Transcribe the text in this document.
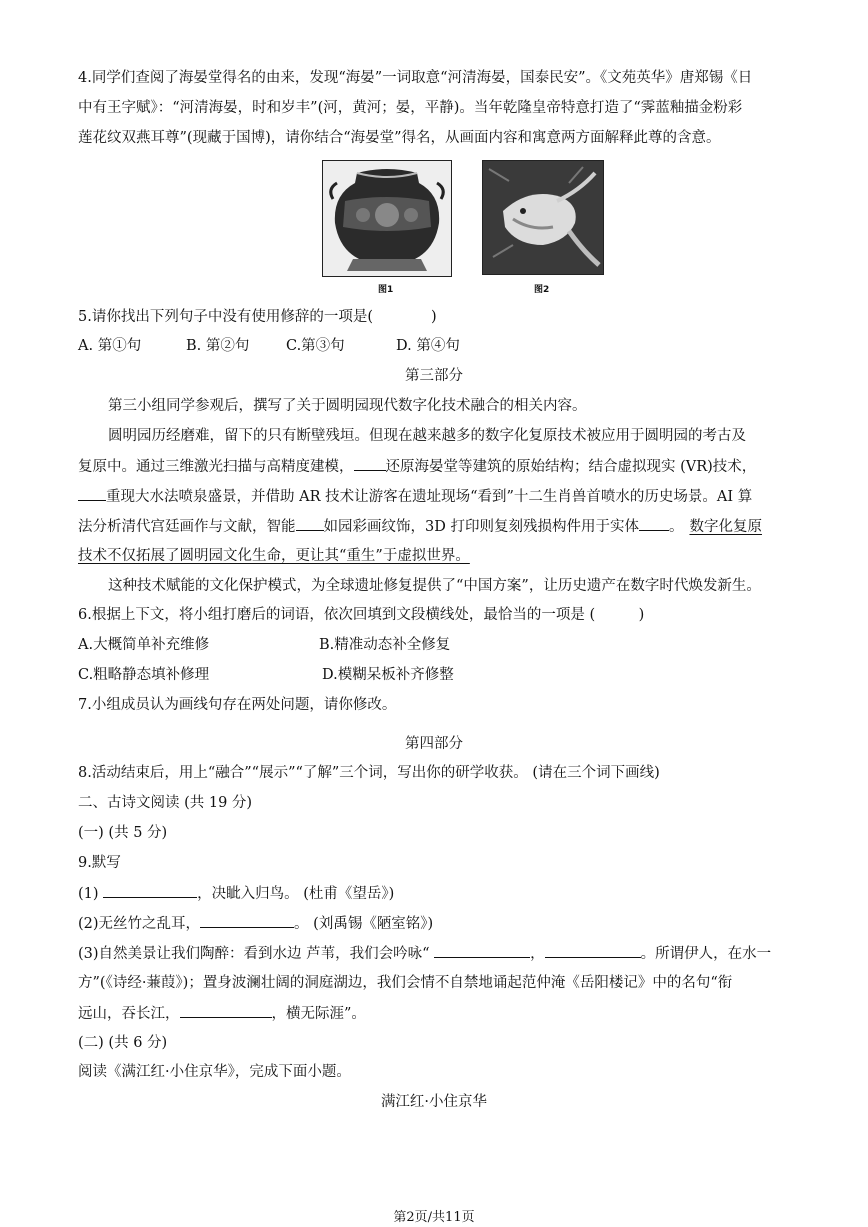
4.同学们查阅了海晏堂得名的由来，发现“海晏”一词取意“河清海晏，国泰民安”。《文苑英华》唐郑锡《日
中有王字赋》：“河清海晏，时和岁丰”(河，黄河；晏，平静)。当年乾隆皇帝特意打造了“霁蓝釉描金粉彩
莲花纹双燕耳尊”(现藏于国博)，请你结合“海晏堂”得名，从画面内容和寓意两方面解释此尊的含意。
图1	图2
5.请你找出下列句子中没有使用修辞的一项是(　　　　)
A. 第①句	B. 第②句	C.第③句	D. 第④句
第三部分
第三小组同学参观后，撰写了关于圆明园现代数字化技术融合的相关内容。
圆明园历经磨难，留下的只有断壁残垣。但现在越来越多的数字化复原技术被应用于圆明园的考古及
复原中。通过三维激光扫描与高精度建模， 还原海晏堂等建筑的原始结构；结合虚拟现实 (VR)技术，
重现大水法喷泉盛景，并借助 AR 技术让游客在遗址现场“看到”十二生肖兽首喷水的历史场景。AI 算
法分析清代宫廷画作与文献，智能 如园彩画纹饰，3D 打印则复刻残损构件用于实体 。 数字化复原
技术不仅拓展了圆明园文化生命，更让其“重生”于虚拟世界。
这种技术赋能的文化保护模式，为全球遗址修复提供了“中国方案”，让历史遗产在数字时代焕发新生。
6.根据上下文，将小组打磨后的词语，依次回填到文段横线处，最恰当的一项是 (　　　)
A.大概简单补充维修	B.精准动态补全修复
C.粗略静态填补修理	D.模糊呆板补齐修整
7.小组成员认为画线句存在两处问题，请你修改。
第四部分
8.活动结束后，用上“融合”“展示”“了解”三个词，写出你的研学收获。 (请在三个词下画线)
二、古诗文阅读 (共 19 分)
(一) (共 5 分)
9.默写
(1)	，决眦入归鸟。 (杜甫《望岳》)
(2)无丝竹之乱耳，	。 (刘禹锡《陋室铭》)
(3)自然美景让我们陶醉：看到水边 芦苇，我们会吟咏“	，	。所谓伊人，在水一
方”(《诗经·蒹葭》)；置身波澜壮阔的洞庭湖边，我们会情不自禁地诵起范仲淹《岳阳楼记》中的名句“衔
远山，吞长江，	，横无际涯”。
(二) (共 6 分)
阅读《满江红·小住京华》，完成下面小题。
满江红·小住京华
第2页/共11页
